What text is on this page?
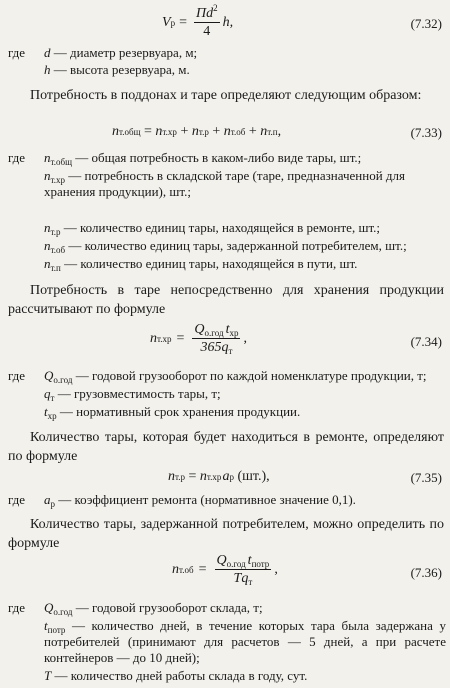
V $р = \frac{Пd^2}{4} h$,	(7.32)
где d — диаметр резервуара, м;
h — высота резервуара, м.
Потребность в поддонах и таре определяют следующим образом:
n т.общ = n т.хр + n т.р + n т.об + n т.п ,	(7.33)
где $n_{т.общ}$ — общая потребность в каком-либо виде тары, шт.;
$n_{т.хр}$ — потребность в складской таре (таре, предназначенной для хранения продукции), шт.;
$n_{т.р}$ — количество единиц тары, находящейся в ремонте, шт.;
$n_{т.об}$ — количество единиц тары, задержанной потребителем, шт.;
$n_{т.п}$ — количество единиц тары, находящейся в пути, шт.
Потребность в таре непосредственно для хранения продукции рассчитывают по формуле
n $т.хр = \frac{Q_{о.год} t_{хр}}{365q_т}$ ,	(7.34)
где $Q_{о.год}$ — годовой грузооборот по каждой номенклатуре продукции, т;
$q_т$ — грузовместимость тары, т;
$t_{хр}$ — нормативный срок хранения продукции.
Количество тары, которая будет находиться в ремонте, определяют по формуле
n т.р = n т.хр a р (шт.),	(7.35)
где $a_р$ — коэффициент ремонта (нормативное значение 0,1).
Количество тары, задержанной потребителем, можно определить по формуле
n $т.об = \frac{Q_{о.год} t_{потр}}{Tq_т}$ ,	(7.36)
где $Q_{о.год}$ — годовой грузооборот склада, т;
$t_{потр}$ — количество дней, в течение которых тара была задержана у потребителей (принимают для расчетов — 5 дней, а при расчете контейнеров — до 10 дней);
T — количество дней работы склада в году, сут.
